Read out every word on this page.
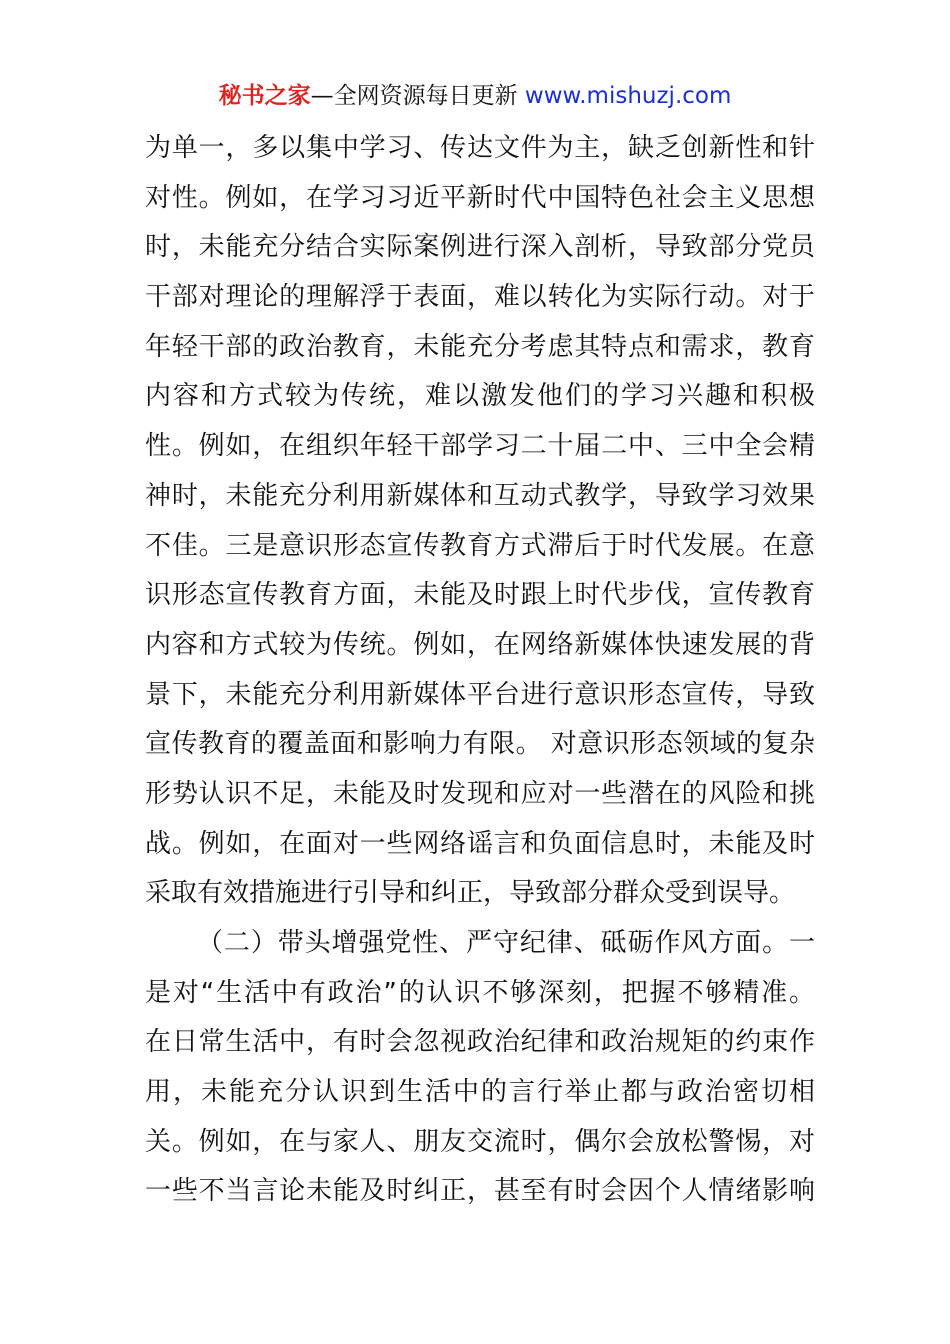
秘书之家—全网资源每日更新 www.mishuzj.com
为单一，多以集中学习、传达文件为主，缺乏创新性和针
对性。例如，在学习习近平新时代中国特色社会主义思想
时，未能充分结合实际案例进行深入剖析，导致部分党员
干部对理论的理解浮于表面，难以转化为实际行动。对于
年轻干部的政治教育，未能充分考虑其特点和需求，教育
内容和方式较为传统，难以激发他们的学习兴趣和积极
性。例如，在组织年轻干部学习二十届二中、三中全会精
神时，未能充分利用新媒体和互动式教学，导致学习效果
不佳。三是意识形态宣传教育方式滞后于时代发展。在意
识形态宣传教育方面，未能及时跟上时代步伐，宣传教育
内容和方式较为传统。例如，在网络新媒体快速发展的背
景下，未能充分利用新媒体平台进行意识形态宣传，导致
宣传教育的覆盖面和影响力有限。 对意识形态领域的复杂
形势认识不足，未能及时发现和应对一些潜在的风险和挑
战。例如，在面对一些网络谣言和负面信息时，未能及时
采取有效措施进行引导和纠正，导致部分群众受到误导。
（二）带头增强党性、严守纪律、砥砺作风方面。一
是对“生活中有政治”的认识不够深刻，把握不够精准。
在日常生活中，有时会忽视政治纪律和政治规矩的约束作
用，未能充分认识到生活中的言行举止都与政治密切相
关。例如，在与家人、朋友交流时，偶尔会放松警惕，对
一些不当言论未能及时纠正，甚至有时会因个人情绪影响
